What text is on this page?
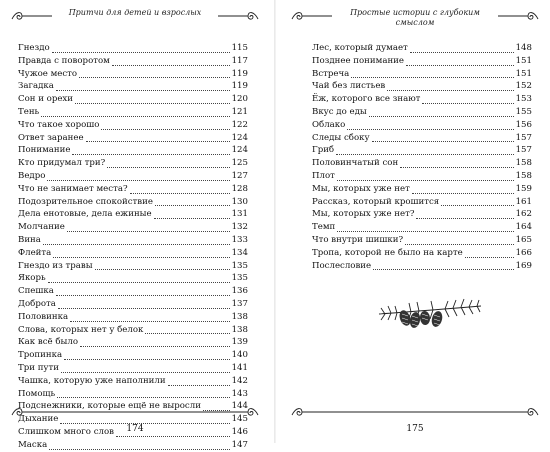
Притчи для детей и взрослых
Гнездо	115
Правда с поворотом	117
Чужое место	119
Загадка	119
Сон и орехи	120
Тень	121
Что такое хорошо	122
Ответ заранее	124
Понимание	124
Кто придумал три?	125
Ведро	127
Что не занимает места?	128
Подозрительное спокойствие	130
Дела енотовые, дела ежиные	131
Молчание	132
Вина	133
Флейта	134
Гнездо из травы	135
Якорь	135
Спешка	136
Доброта	137
Половинка	138
Слова, которых нет у белок	138
Как всё было	139
Тропинка	140
Три пути	141
Чашка, которую уже наполнили	142
Помощь	143
Подснежники, которые ещё не выросли	144
Дыхание	145
Слишком много слов	146
Маска	147
174
Простые истории с глубоким смыслом
Лес, который думает	148
Позднее понимание	151
Встреча	151
Чай без листьев	152
Ёж, которого все знают	153
Вкус до еды	155
Облако	156
Следы сбоку	157
Гриб	157
Половинчатый сон	158
Плот	158
Мы, которых уже нет	159
Рассказ, который крошится	161
Мы, которых уже нет?	162
Темп	164
Что внутри шишки?	165
Тропа, которой не было на карте	166
Послесловие	169
175
